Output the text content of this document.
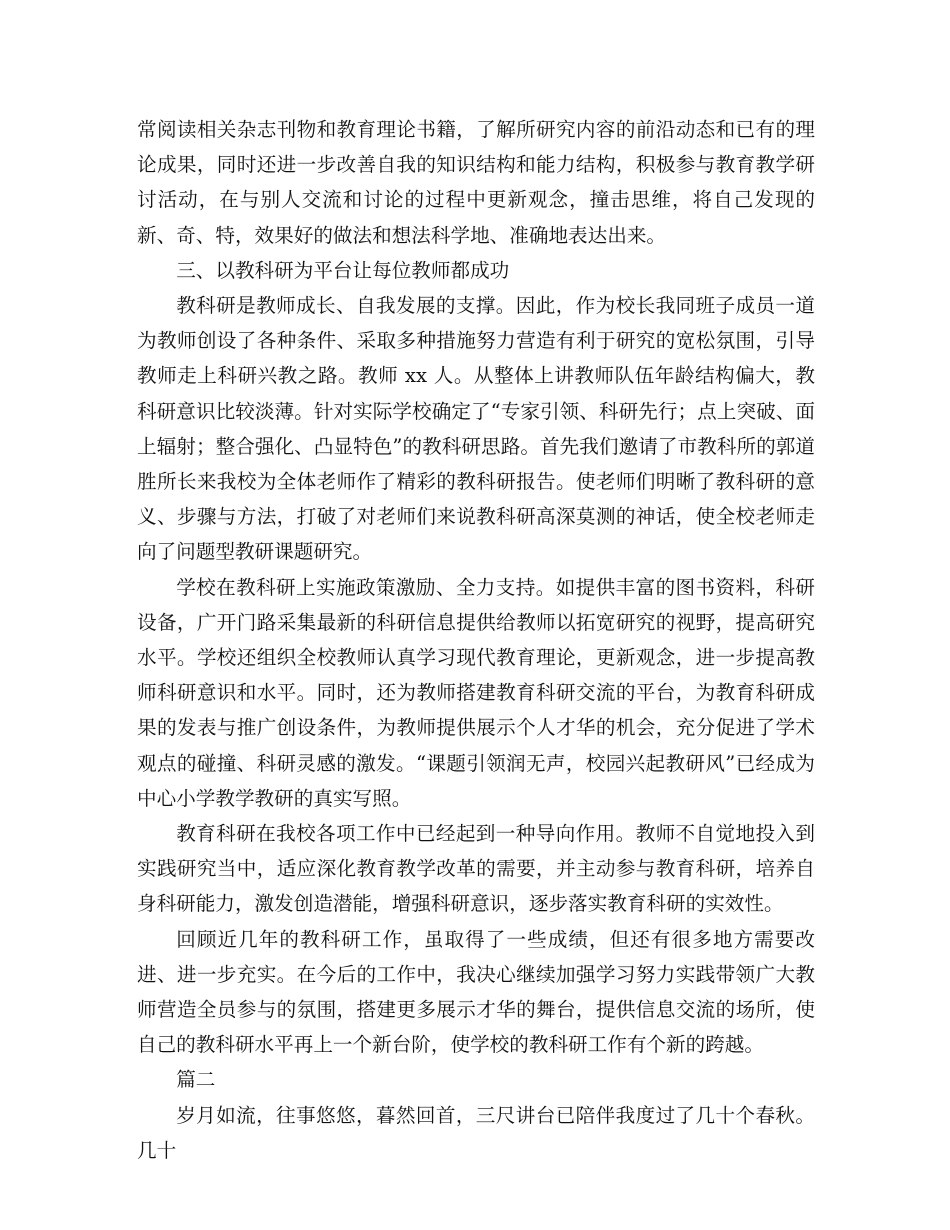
常阅读相关杂志刊物和教育理论书籍，了解所研究内容的前沿动态和已有的理论成果，同时还进一步改善自我的知识结构和能力结构，积极参与教育教学研讨活动，在与别人交流和讨论的过程中更新观念，撞击思维，将自己发现的新、奇、特，效果好的做法和想法科学地、准确地表达出来。

三、以教科研为平台让每位教师都成功

教科研是教师成长、自我发展的支撑。因此，作为校长我同班子成员一道为教师创设了各种条件、采取多种措施努力营造有利于研究的宽松氛围，引导教师走上科研兴教之路。教师 xx 人。从整体上讲教师队伍年龄结构偏大，教科研意识比较淡薄。针对实际学校确定了“专家引领、科研先行；点上突破、面上辐射；整合强化、凸显特色”的教科研思路。首先我们邀请了市教科所的郭道胜所长来我校为全体老师作了精彩的教科研报告。使老师们明晰了教科研的意义、步骤与方法，打破了对老师们来说教科研高深莫测的神话，使全校老师走向了问题型教研课题研究。

学校在教科研上实施政策激励、全力支持。如提供丰富的图书资料，科研设备，广开门路采集最新的科研信息提供给教师以拓宽研究的视野，提高研究水平。学校还组织全校教师认真学习现代教育理论，更新观念，进一步提高教师科研意识和水平。同时，还为教师搭建教育科研交流的平台，为教育科研成果的发表与推广创设条件，为教师提供展示个人才华的机会，充分促进了学术观点的碰撞、科研灵感的激发。“课题引领润无声，校园兴起教研风”已经成为中心小学教学教研的真实写照。

教育科研在我校各项工作中已经起到一种导向作用。教师不自觉地投入到实践研究当中，适应深化教育教学改革的需要，并主动参与教育科研，培养自身科研能力，激发创造潜能，增强科研意识，逐步落实教育科研的实效性。

回顾近几年的教科研工作，虽取得了一些成绩，但还有很多地方需要改进、进一步充实。在今后的工作中，我决心继续加强学习努力实践带领广大教师营造全员参与的氛围，搭建更多展示才华的舞台，提供信息交流的场所，使自己的教科研水平再上一个新台阶，使学校的教科研工作有个新的跨越。

篇二

岁月如流，往事悠悠，暮然回首，三尺讲台已陪伴我度过了几十个春秋。几十
